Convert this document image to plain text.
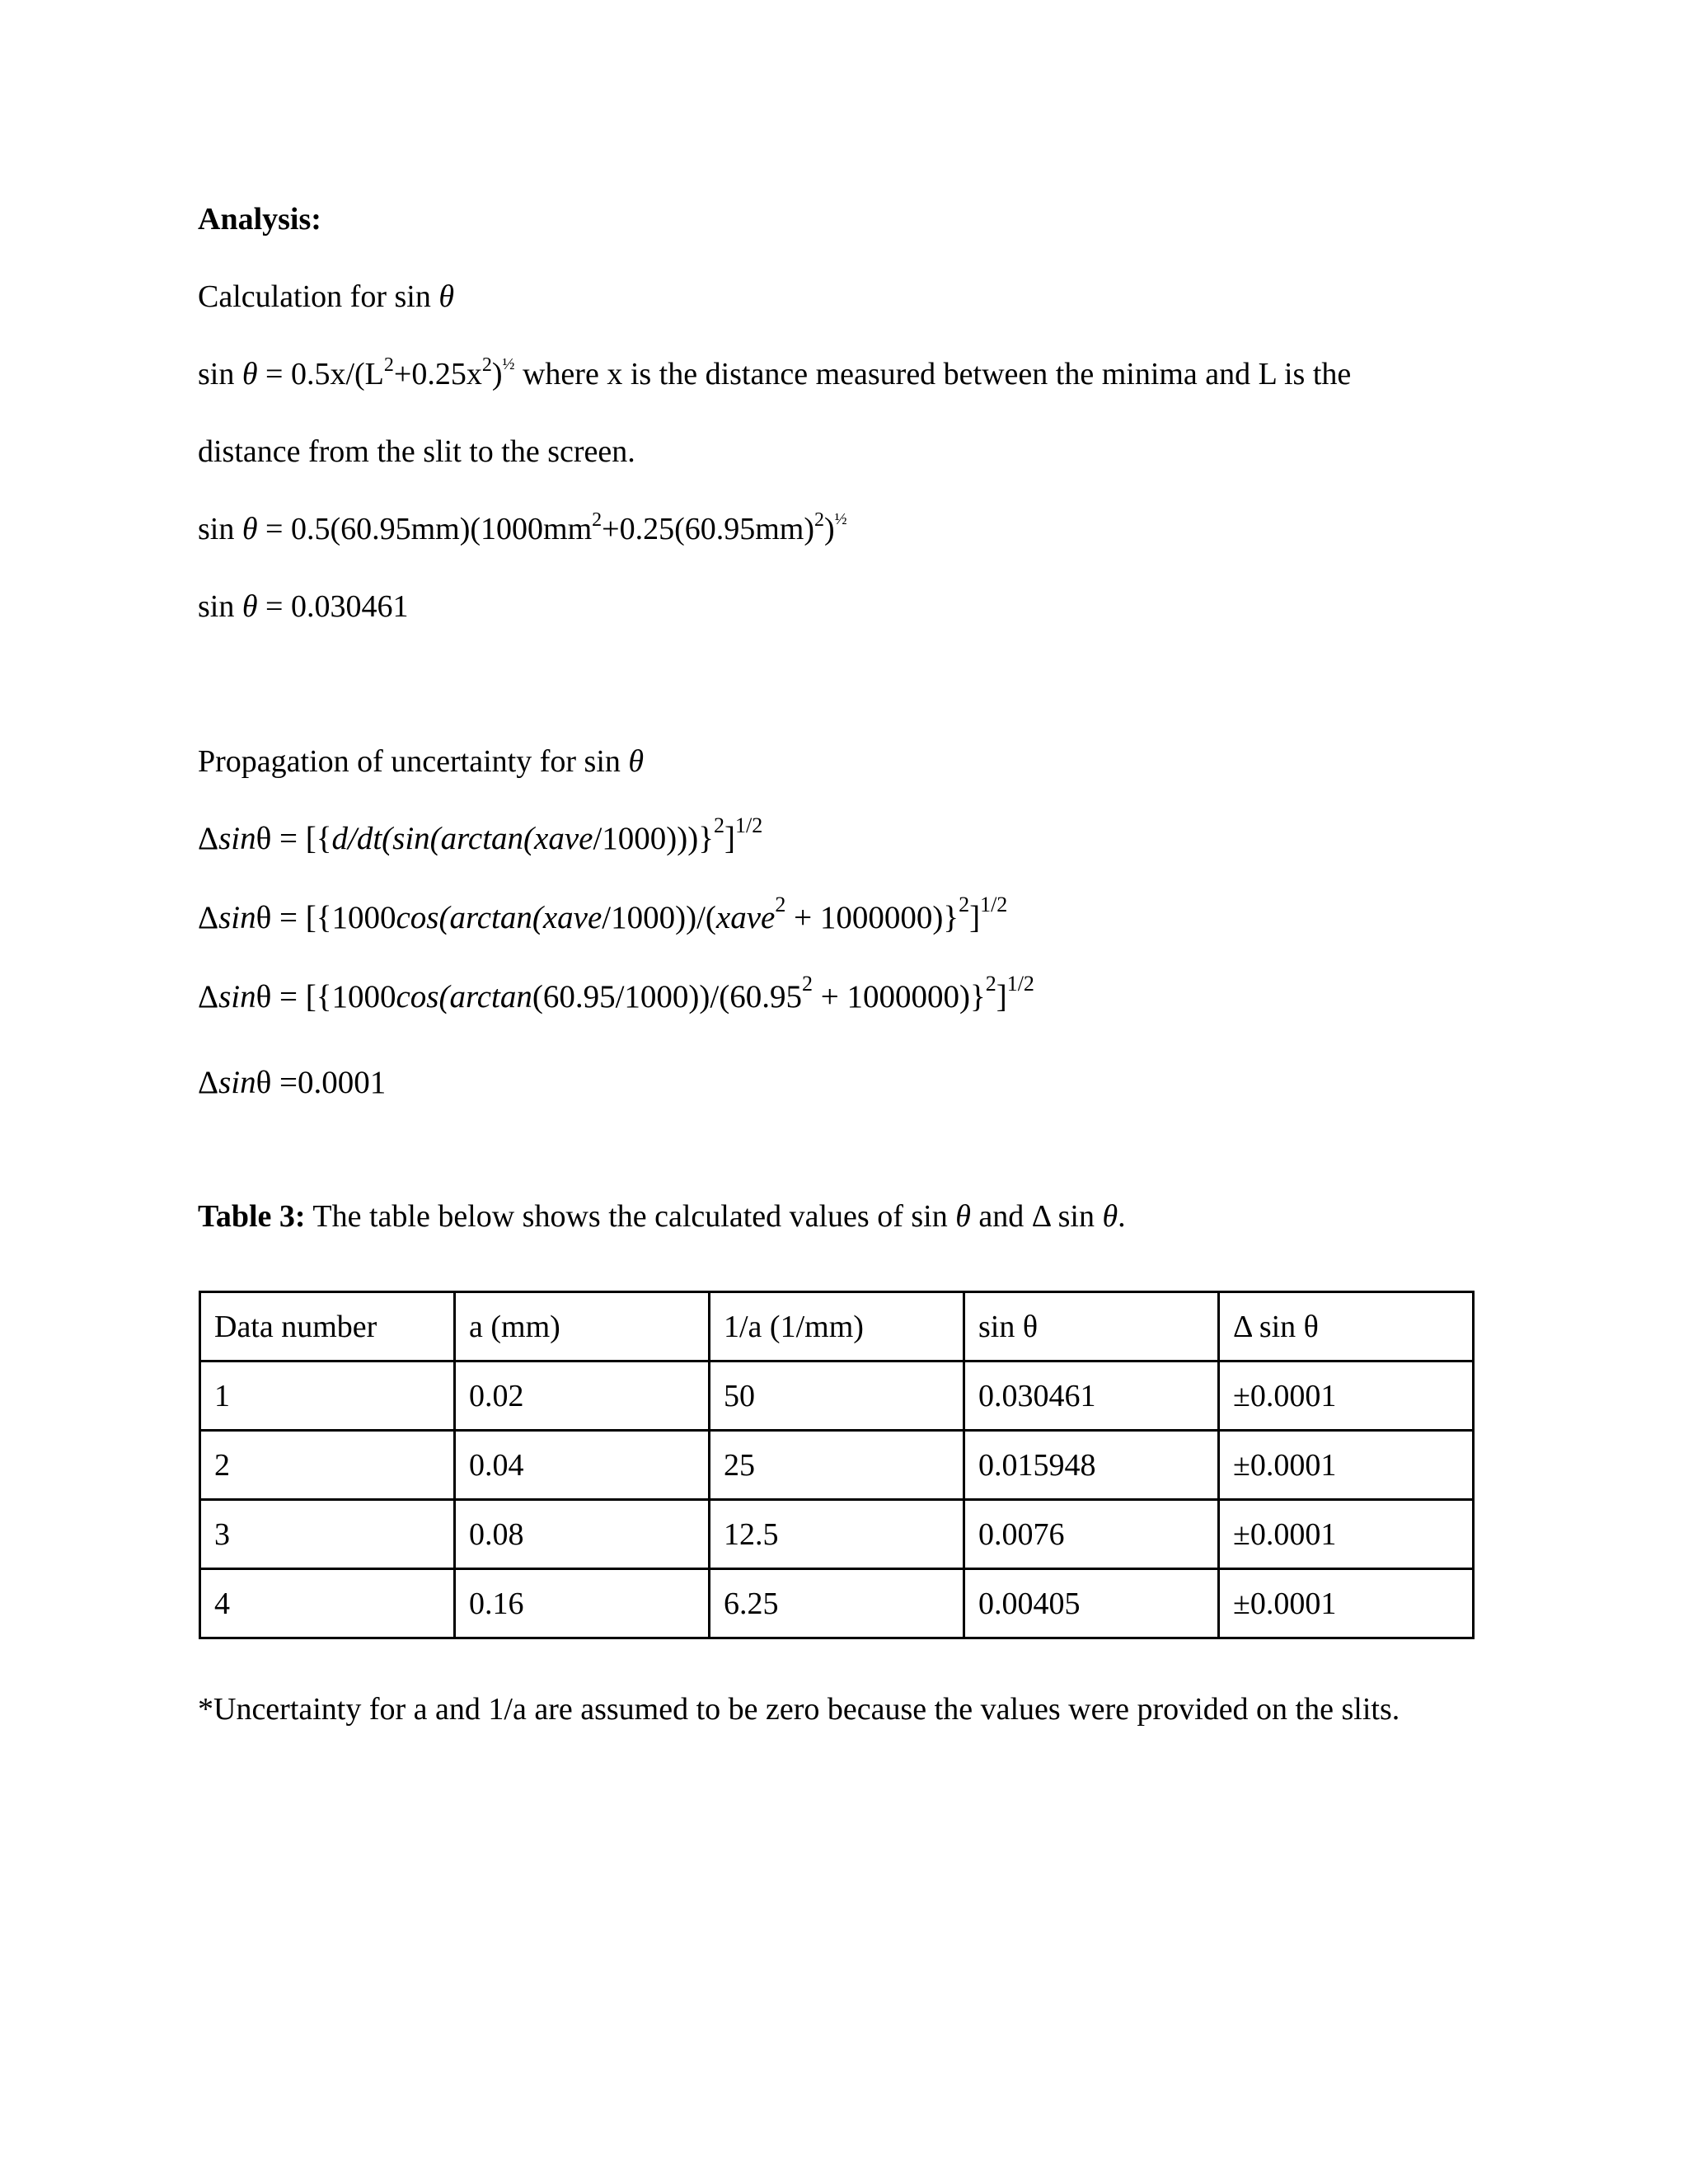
Analysis:
Calculation for sin θ
$\sin \theta = 0.5x/(L^2+0.25x^2)^{\frac{1}{2}}$ where x is the distance measured between the minima and L is the
distance from the slit to the screen.
$\sin \theta = 0.5(60.95mm)(1000mm^2+0.25(60.95mm)^2)^{\frac{1}{2}}$
sin θ = 0.030461
Propagation of uncertainty for sin θ
Δsinθ = [{d/dt(sin(arctan(xave/1000)))}$^2$]$^{1/2}$
Δsinθ = [{1000cos(arctan(xave/1000))/(xave$^2$ + 1000000)}$^2$]$^{1/2}$
$\Delta\sin\theta = [\{1000\cos(\arctan(60.95/1000))/(60.95^2 + 1000000)\}^2]^{1/2}$
Δsinθ =0.0001
Table 3: The table below shows the calculated values of sin θ and Δ sin θ.
Data number	a (mm)	1/a (1/mm)	sin θ	Δ sin θ
1	0.02	50	0.030461	±0.0001
2	0.04	25	0.015948	±0.0001
3	0.08	12.5	0.0076	±0.0001
4	0.16	6.25	0.00405	±0.0001
*Uncertainty for a and 1/a are assumed to be zero because the values were provided on the slits.
